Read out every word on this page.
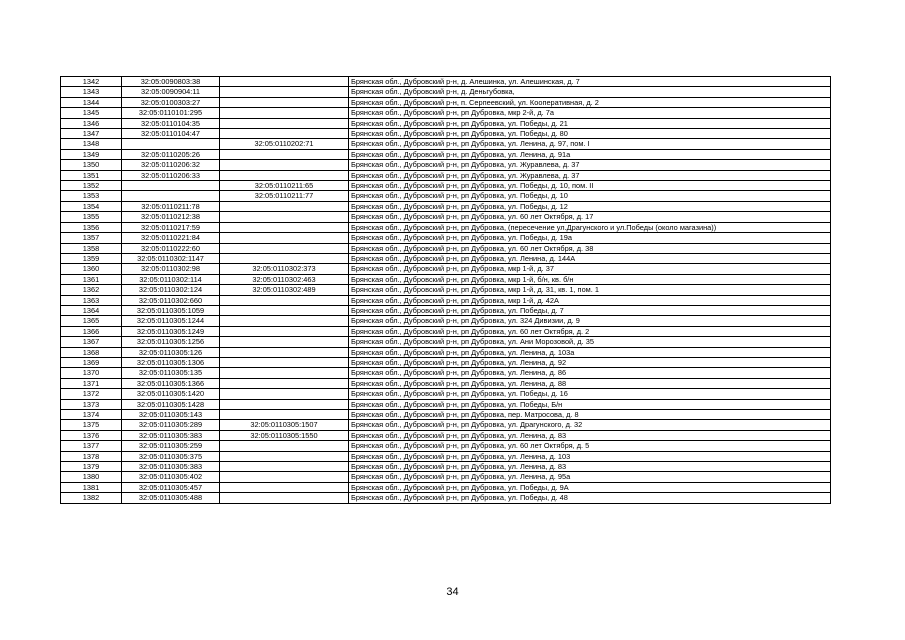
1342	32:05:0090803:38		Брянская обл., Дубровский р-н, д. Алешинка, ул. Алешинская, д. 7
1343	32:05:0090904:11		Брянская обл., Дубровский р-н, д. Деньгубовка,
1344	32:05:0100303:27		Брянская обл., Дубровский р-н, п. Серпеевский, ул. Кооперативная, д. 2
1345	32:05:0110101:295		Брянская обл., Дубровский р-н, рп Дубровка, мкр 2-й, д. 7а
1346	32:05:0110104:35		Брянская обл., Дубровский р-н, рп Дубровка, ул. Победы, д. 21
1347	32:05:0110104:47		Брянская обл., Дубровский р-н, рп Дубровка, ул. Победы, д. 80
1348		32:05:0110202:71	Брянская обл., Дубровский р-н, рп Дубровка, ул. Ленина, д. 97, пом. I
1349	32:05:0110205:26		Брянская обл., Дубровский р-н, рп Дубровка, ул. Ленина, д. 91а
1350	32:05:0110206:32		Брянская обл., Дубровский р-н, рп Дубровка, ул. Журавлева, д. 37
1351	32:05:0110206:33		Брянская обл., Дубровский р-н, рп Дубровка, ул. Журавлева, д. 37
1352		32:05:0110211:65	Брянская обл., Дубровский р-н, рп Дубровка, ул. Победы, д. 10, пом. II
1353		32:05:0110211:77	Брянская обл., Дубровский р-н, рп Дубровка, ул. Победы, д. 10
1354	32:05:0110211:78		Брянская обл., Дубровский р-н, рп Дубровка, ул. Победы, д. 12
1355	32:05:0110212:38		Брянская обл., Дубровский р-н, рп Дубровка, ул. 60 лет Октября, д. 17
1356	32:05:0110217:59		Брянская обл., Дубровский р-н, рп Дубровка, (пересечение ул.Драгунского и ул.Победы (около магазина))
1357	32:05:0110221:84		Брянская обл., Дубровский р-н, рп Дубровка, ул. Победы, д. 19а
1358	32:05:0110222:60		Брянская обл., Дубровский р-н, рп Дубровка, ул. 60 лет Октября, д. 38
1359	32:05:0110302:1147		Брянская обл., Дубровский р-н, рп Дубровка, ул. Ленина, д. 144А
1360	32:05:0110302:98	32:05:0110302:373	Брянская обл., Дубровский р-н, рп Дубровка, мкр 1-й, д. 37
1361	32:05:0110302:114	32:05:0110302:463	Брянская обл., Дубровский р-н, рп Дубровка, мкр 1-й, б/н, кв. б/н
1362	32:05:0110302:124	32:05:0110302:489	Брянская обл., Дубровский р-н, рп Дубровка, мкр 1-й, д. 31, кв. 1, пом. 1
1363	32:05:0110302:660		Брянская обл., Дубровский р-н, рп Дубровка, мкр 1-й, д. 42А
1364	32:05:0110305:1059		Брянская обл., Дубровский р-н, рп Дубровка, ул. Победы, д. 7
1365	32:05:0110305:1244		Брянская обл., Дубровский р-н, рп Дубровка, ул. 324 Дивизии, д. 9
1366	32:05:0110305:1249		Брянская обл., Дубровский р-н, рп Дубровка, ул. 60 лет Октября, д. 2
1367	32:05:0110305:1256		Брянская обл., Дубровский р-н, рп Дубровка, ул. Ани Морозовой, д. 35
1368	32:05:0110305:126		Брянская обл., Дубровский р-н, рп Дубровка, ул. Ленина, д. 103а
1369	32:05:0110305:1306		Брянская обл., Дубровский р-н, рп Дубровка, ул. Ленина, д. 92
1370	32:05:0110305:135		Брянская обл., Дубровский р-н, рп Дубровка, ул. Ленина, д. 86
1371	32:05:0110305:1366		Брянская обл., Дубровский р-н, рп Дубровка, ул. Ленина, д. 88
1372	32:05:0110305:1420		Брянская обл., Дубровский р-н, рп Дубровка, ул. Победы, д. 16
1373	32:05:0110305:1428		Брянская обл., Дубровский р-н, рп Дубровка, ул. Победы, Б/н
1374	32:05:0110305:143		Брянская обл., Дубровский р-н, рп Дубровка, пер. Матросова, д. 8
1375	32:05:0110305:289	32:05:0110305:1507	Брянская обл., Дубровский р-н, рп Дубровка, ул. Драгунского, д. 32
1376	32:05:0110305:383	32:05:0110305:1550	Брянская обл., Дубровский р-н, рп Дубровка, ул. Ленина, д. 83
1377	32:05:0110305:259		Брянская обл., Дубровский р-н, рп Дубровка, ул. 60 лет Октября, д. 5
1378	32:05:0110305:375		Брянская обл., Дубровский р-н, рп Дубровка, ул. Ленина, д. 103
1379	32:05:0110305:383		Брянская обл., Дубровский р-н, рп Дубровка, ул. Ленина, д. 83
1380	32:05:0110305:402		Брянская обл., Дубровский р-н, рп Дубровка, ул. Ленина, д. 95а
1381	32:05:0110305:457		Брянская обл., Дубровский р-н, рп Дубровка, ул. Победы, д. 9А
1382	32:05:0110305:488		Брянская обл., Дубровский р-н, рп Дубровка, ул. Победы, д. 48
34
